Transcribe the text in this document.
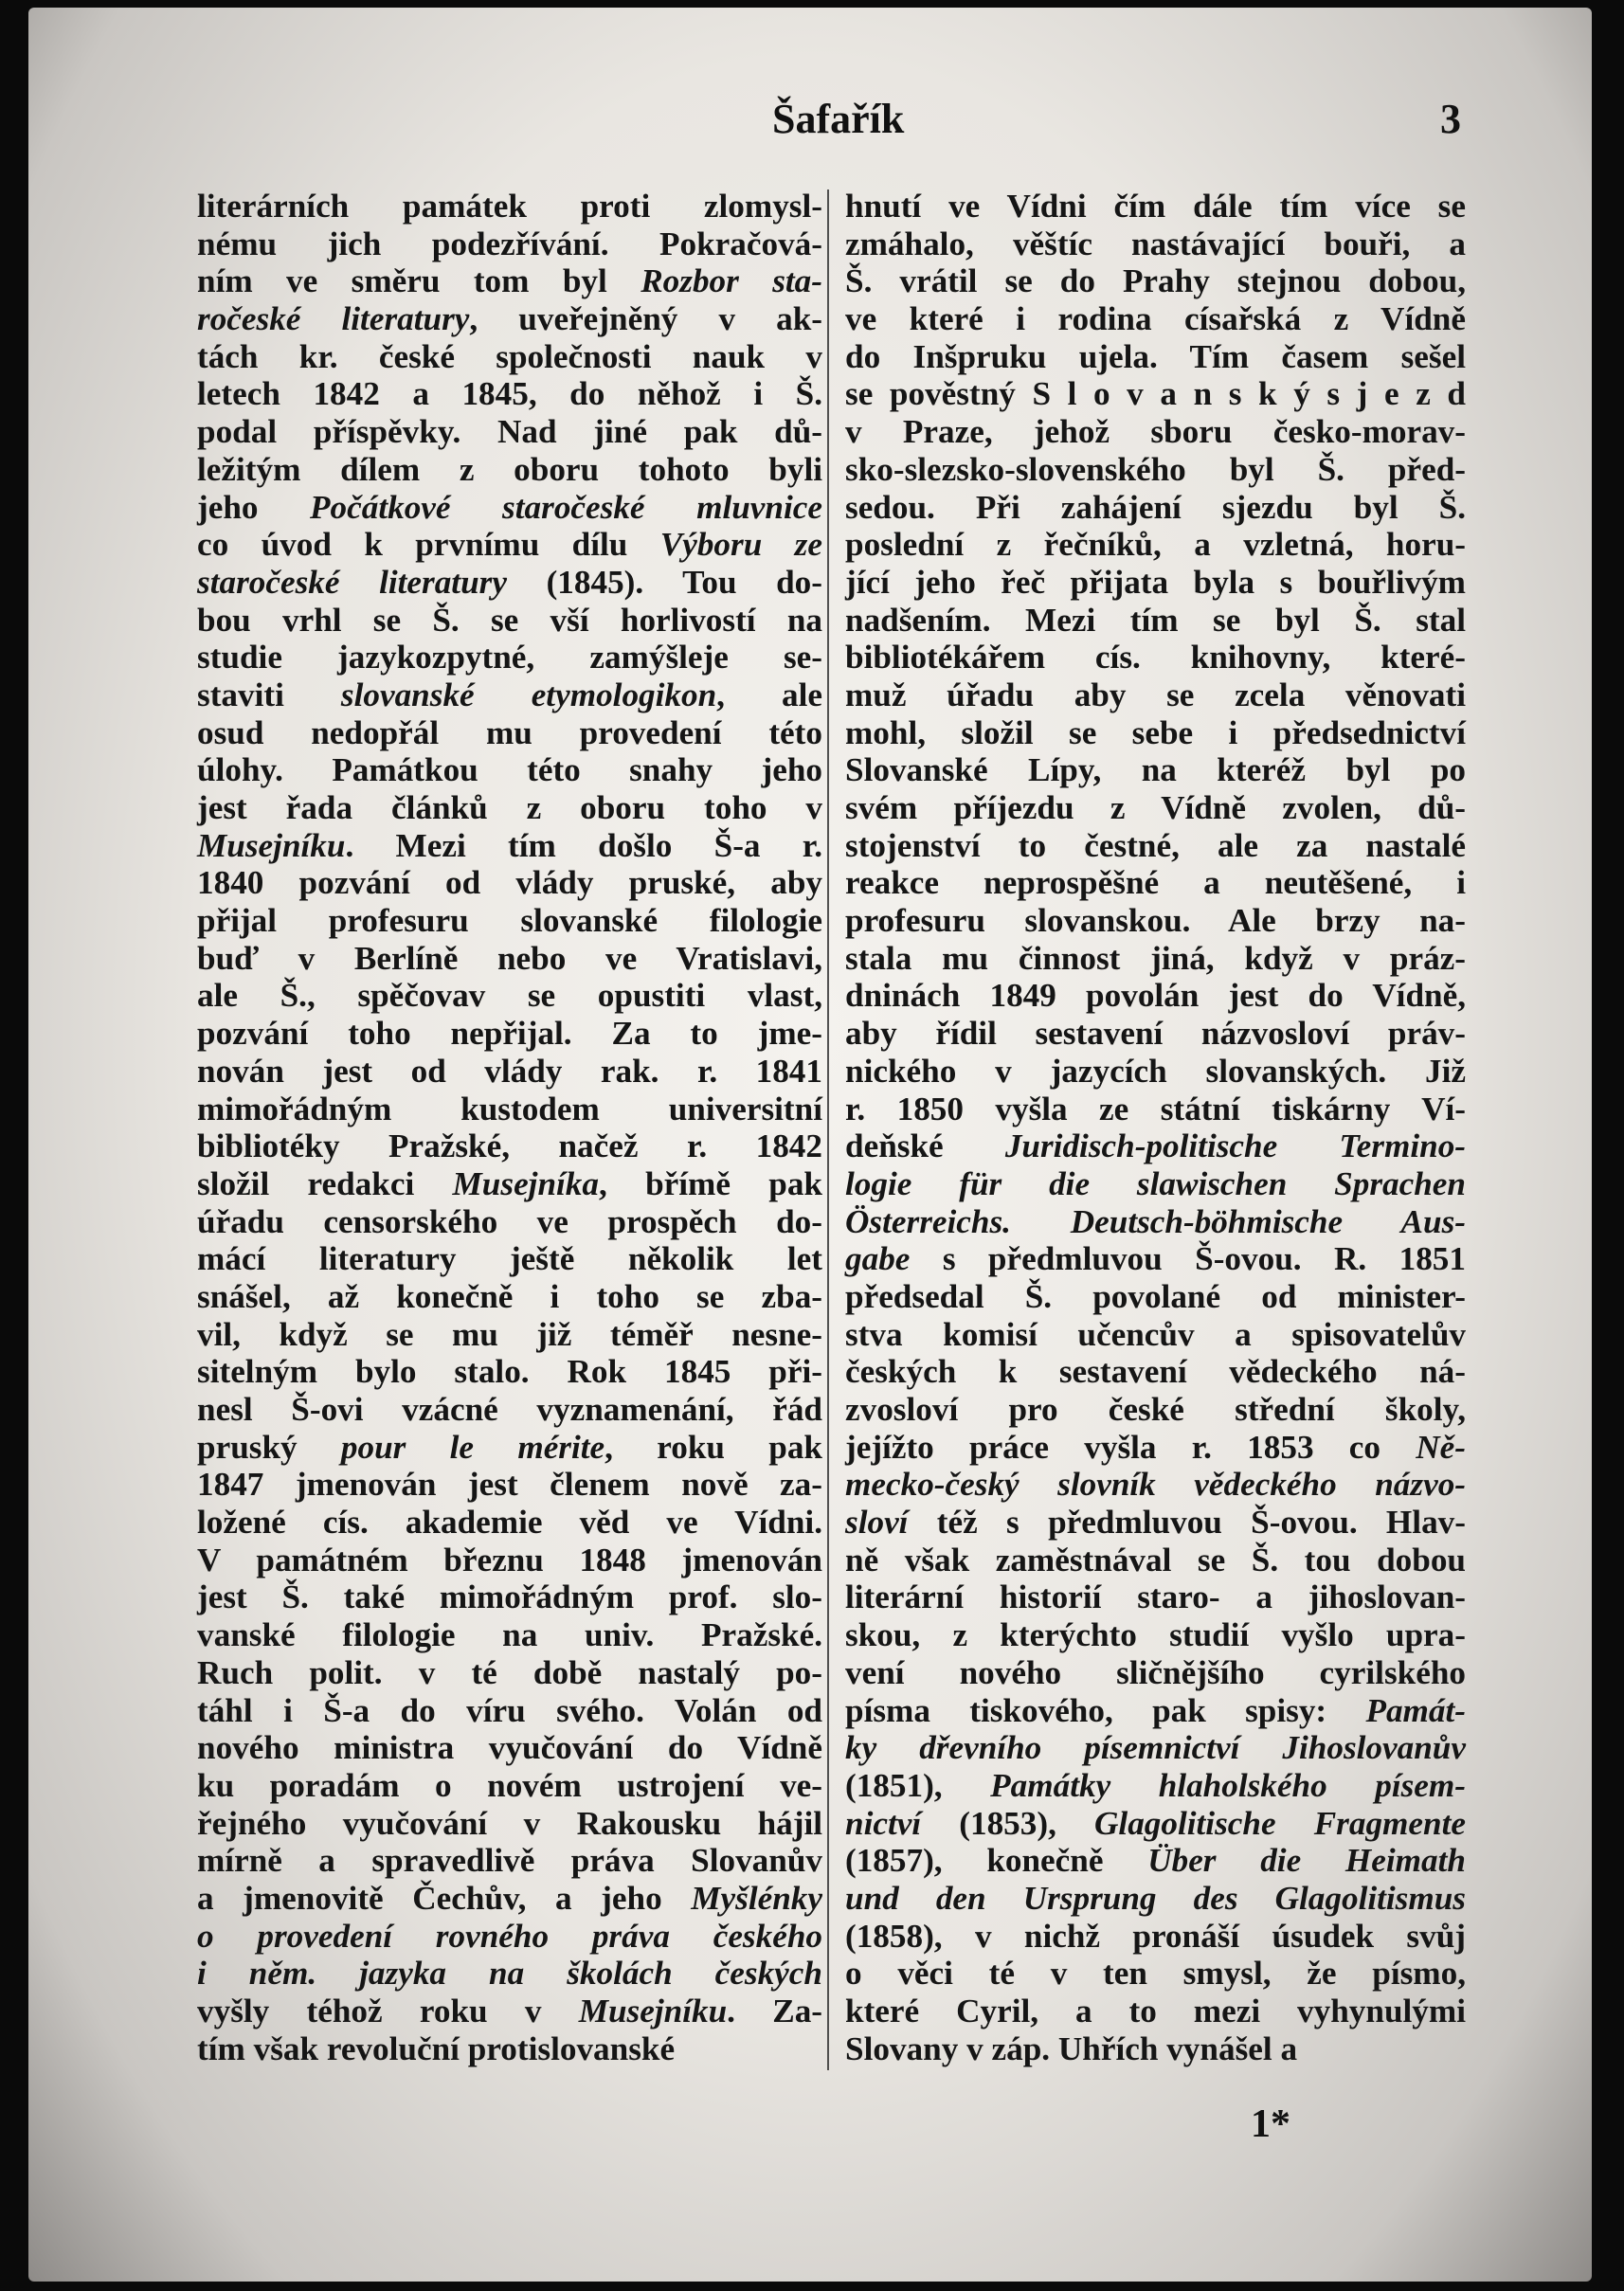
Šafařík	3
literárních památek proti zlomysl-
nému jich podezřívání. Pokračová-
ním ve směru tom byl Rozbor sta-
ročeské literatury, uveřejněný v ak-
tách kr. české společnosti nauk v
letech 1842 a 1845, do něhož i Š.
podal příspěvky. Nad jiné pak dů-
ležitým dílem z oboru tohoto byli
jeho Počátkové staročeské mluvnice
co úvod k prvnímu dílu Výboru ze
staročeské literatury (1845). Tou do-
bou vrhl se Š. se vší horlivostí na
studie jazykozpytné, zamýšleje se-
staviti slovanské etymologikon, ale
osud nedopřál mu provedení této
úlohy. Památkou této snahy jeho
jest řada článků z oboru toho v
Musejníku. Mezi tím došlo Š-a r.
1840 pozvání od vlády pruské, aby
přijal profesuru slovanské filologie
buď v Berlíně nebo ve Vratislavi,
ale Š., spěčovav se opustiti vlast,
pozvání toho nepřijal. Za to jme-
nován jest od vlády rak. r. 1841
mimořádným kustodem universitní
bibliotéky Pražské, načež r. 1842
složil redakci Musejníka, břímě pak
úřadu censorského ve prospěch do-
mácí literatury ještě několik let
snášel, až konečně i toho se zba-
vil, když se mu již téměř nesne-
sitelným bylo stalo. Rok 1845 při-
nesl Š-ovi vzácné vyznamenání, řád
pruský pour le mérite, roku pak
1847 jmenován jest členem nově za-
ložené cís. akademie věd ve Vídni.
V památném březnu 1848 jmenován
jest Š. také mimořádným prof. slo-
vanské filologie na univ. Pražské.
Ruch polit. v té době nastalý po-
táhl i Š-a do víru svého. Volán od
nového ministra vyučování do Vídně
ku poradám o novém ustrojení ve-
řejného vyučování v Rakousku hájil
mírně a spravedlivě práva Slovanův
a jmenovitě Čechův, a jeho Myšlénky
o provedení rovného práva českého
i něm. jazyka na školách českých
vyšly téhož roku v Musejníku. Za-
tím však revoluční protislovanské
hnutí ve Vídni čím dále tím více se
zmáhalo, věštíc nastávající bouři, a
Š. vrátil se do Prahy stejnou dobou,
ve které i rodina císařská z Vídně
do Inšpruku ujela. Tím časem sešel
se pověstný S l o v a n s k ý s j e z d
v Praze, jehož sboru česko-morav-
sko-slezsko-slovenského byl Š. před-
sedou. Při zahájení sjezdu byl Š.
poslední z řečníků, a vzletná, horu-
jící jeho řeč přijata byla s bouřlivým
nadšením. Mezi tím se byl Š. stal
bibliotékářem cís. knihovny, které-
muž úřadu aby se zcela věnovati
mohl, složil se sebe i předsednictví
Slovanské Lípy, na kteréž byl po
svém příjezdu z Vídně zvolen, dů-
stojenství to čestné, ale za nastalé
reakce neprospěšné a neutěšené, i
profesuru slovanskou. Ale brzy na-
stala mu činnost jiná, když v práz-
dninách 1849 povolán jest do Vídně,
aby řídil sestavení názvosloví práv-
nického v jazycích slovanských. Již
r. 1850 vyšla ze státní tiskárny Ví-
deňské Juridisch-politische Termino-
logie für die slawischen Sprachen
Österreichs. Deutsch-böhmische Aus-
gabe s předmluvou Š-ovou. R. 1851
předsedal Š. povolané od minister-
stva komisí učencův a spisovatelův
českých k sestavení vědeckého ná-
zvosloví pro české střední školy,
jejížto práce vyšla r. 1853 co Ně-
mecko-český slovník vědeckého názvo-
sloví též s předmluvou Š-ovou. Hlav-
ně však zaměstnával se Š. tou dobou
literární historií staro- a jihoslovan-
skou, z kterýchto studií vyšlo upra-
vení nového sličnějšího cyrilského
písma tiskového, pak spisy: Památ-
ky dřevního písemnictví Jihoslovanův
(1851), Památky hlaholského písem-
nictví (1853), Glagolitische Fragmente
(1857), konečně Über die Heimath
und den Ursprung des Glagolitismus
(1858), v nichž pronáší úsudek svůj
o věci té v ten smysl, že písmo,
které Cyril, a to mezi vyhynulými
Slovany v záp. Uhřích vynášel a
1*
